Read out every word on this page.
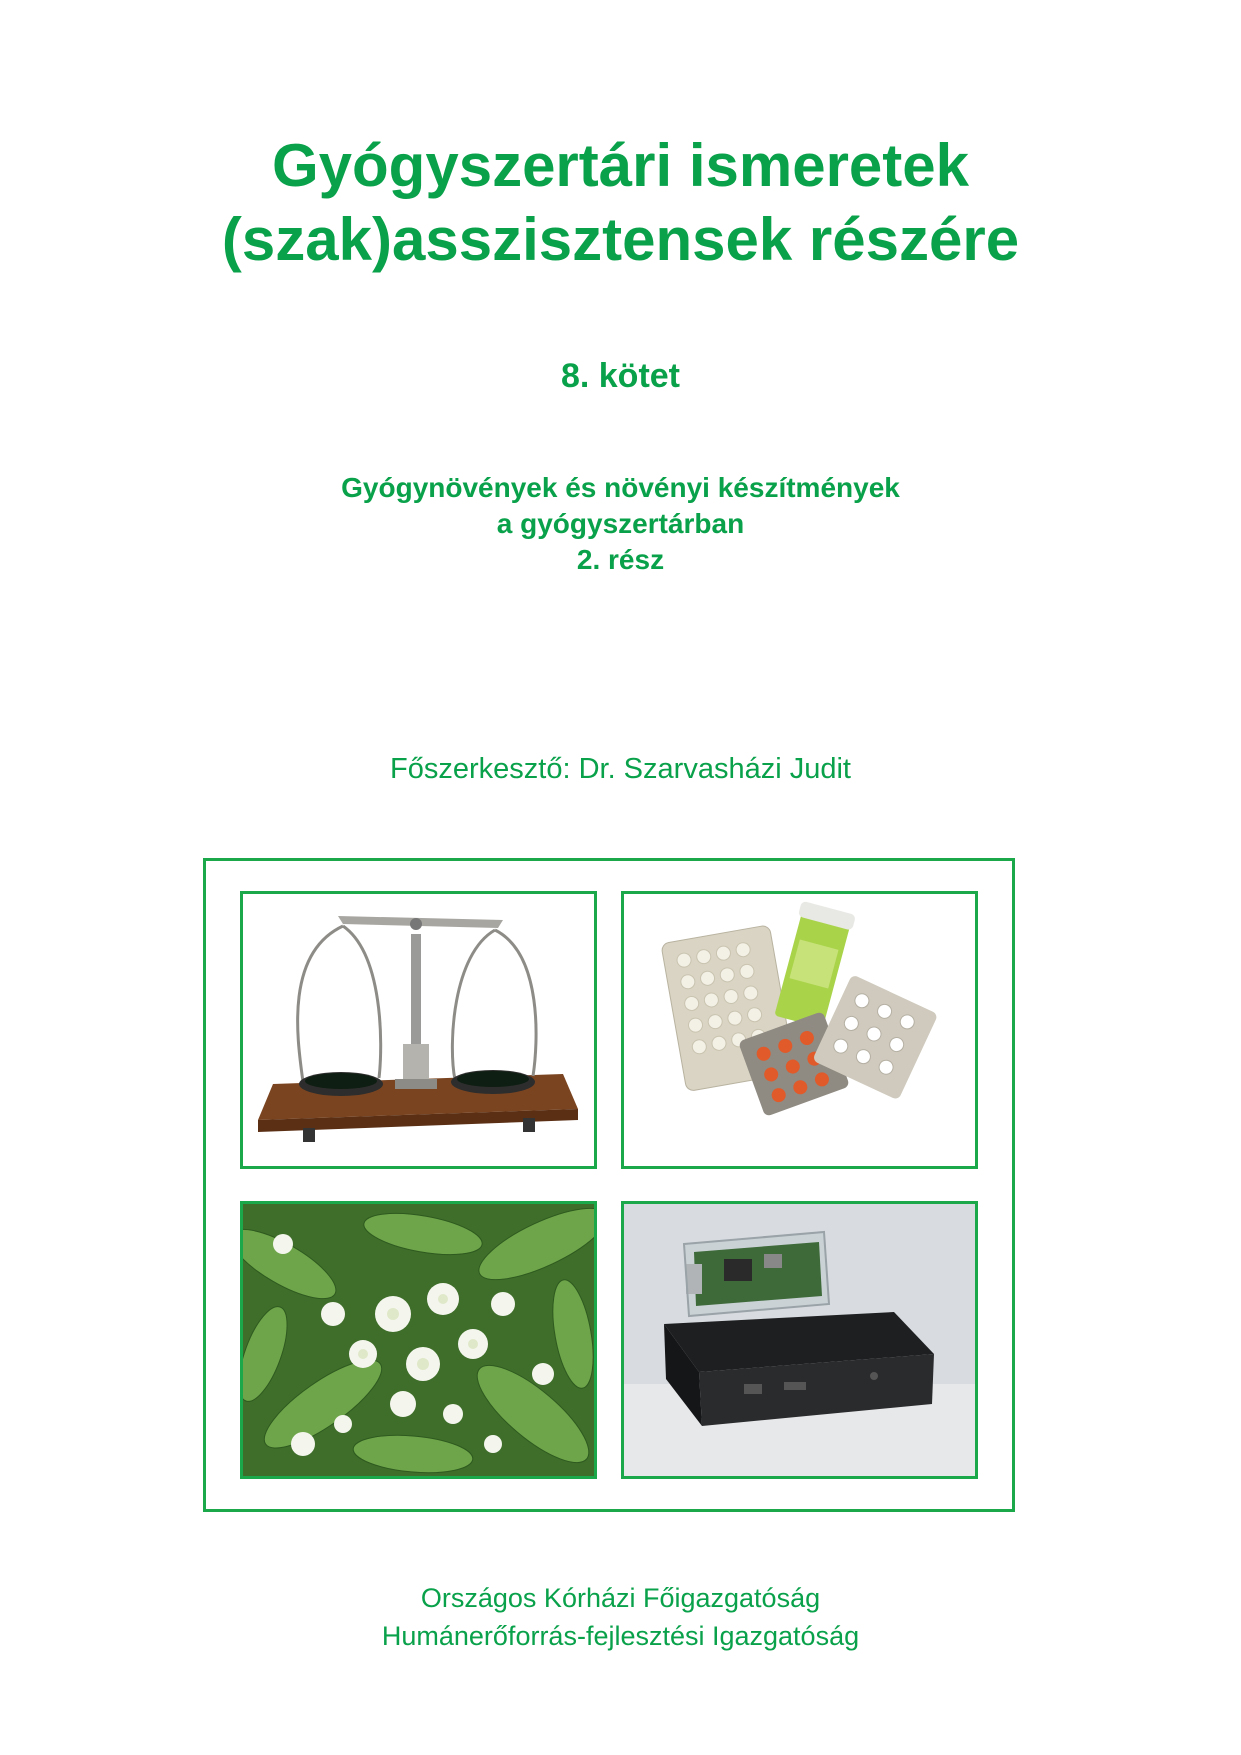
Gyógyszertári ismeretek
(szak)asszisztensek részére
8. kötet
Gyógynövények és növényi készítmények
a gyógyszertárban
2. rész
Főszerkesztő: Dr. Szarvasházi Judit
Országos Kórházi Főigazgatóság
Humánerőforrás-fejlesztési Igazgatóság
